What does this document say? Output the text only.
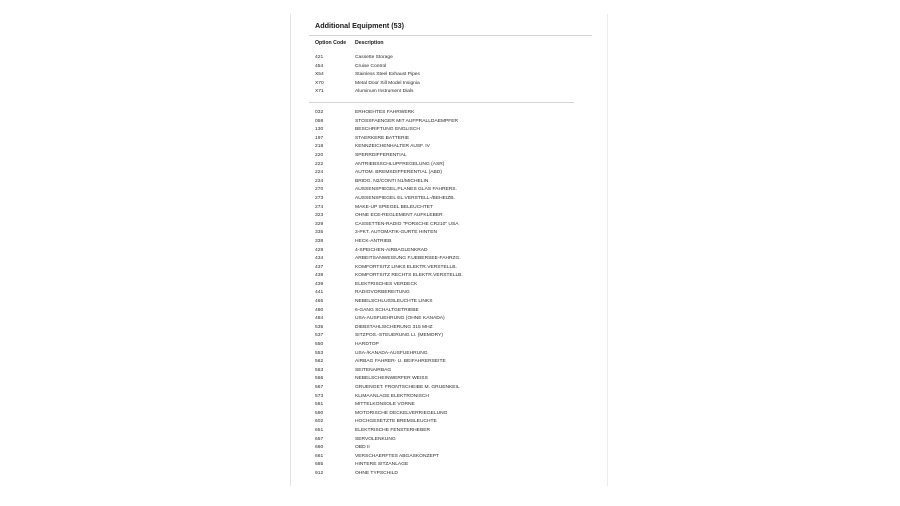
Additional Equipment (53)
Option Code Description
421	Cassette Storage
454	Cruise Control
X54	Stainless Steel Exhaust Pipes
X70	Metal Door Sill Model Insignia
X71	Aluminum Instrument Dials
032	ERHOEHTES FAHRWERK
058	STOSSFAENGER MIT AUFPRALLDAEMPFER
130	BESCHRIFTUNG ENGLISCH
197	STAERKERE BATTERIE
218	KENNZEICHENHALTER AUSF. IV
220	SPERRDIFFERENTIAL
222	ANTRIEBSSCHLUPFREGELUNG (ASR)
224	AUTOM. BREMSDIFFERENTIAL (ABD)
234	BRIDG. N2/CONTI N1/MICHELIN
270	AUSSENSPIEGEL,PLANES GLAS FAHRERS.
273	AUSSENSPIEGEL EL.VERSTELL-/BEHEIZB.
274	MAKE-UP SPIEGEL BELEUCHTET
323	OHNE ECE-REGLEMENT AUFKLEBER
329	CASSETTEN-RADIO "PORSCHE CR210" USA
335	3-PKT. AUTOMATIK-GURTE HINTEN
338	HECK-ANTRIEB
429	4-SPEICHEN-AIRBAGLENKRAD
434	ARBEITSANWEISUNG F.UEBERSEE-FAHRZG.
437	KOMFORTSITZ LINKS ELEKTR.VERSTELLB.
438	KOMFORTSITZ RECHTS ELEKTR.VERSTELLB.
439	ELEKTRISCHES VERDECK
441	RADIOVORBEREITUNG
465	NEBELSCHLUSSLEUCHTE LINKS
480	6-GANG SCHALTGETRIEBE
484	USA-AUSFUEHRUNG (OHNE KANADA)
535	DIEBSTAHLSICHERUNG 315 MHZ
537	SITZPOS.-STEUERUNG LI. (MEMORY)
550	HARDTOP
553	USA-/KANADA-AUSFUEHRUNG
562	AIRBAG FAHRER- U. BEIFAHRERSEITE
563	SEITENAIRBAG
566	NEBELSCHEINWERFER WEISS
567	GRUENGET. FRONTSCHEIBE M. GRUENKEIL
573	KLIMAANLAGE ELEKTRONISCH
581	MITTELKONSOLE VORNE
590	MOTORISCHE DECKELVERRIEGELUNG
602	HOCHGESETZTE BREMSLEUCHTE
651	ELEKTRISCHE FENSTERHEBER
657	SERVOLENKUNG
660	OBD II
661	VERSCHAERFTES ABGASKONZEPT
685	HINTERE SITZANLAGE
912	OHNE TYPSCHILD
